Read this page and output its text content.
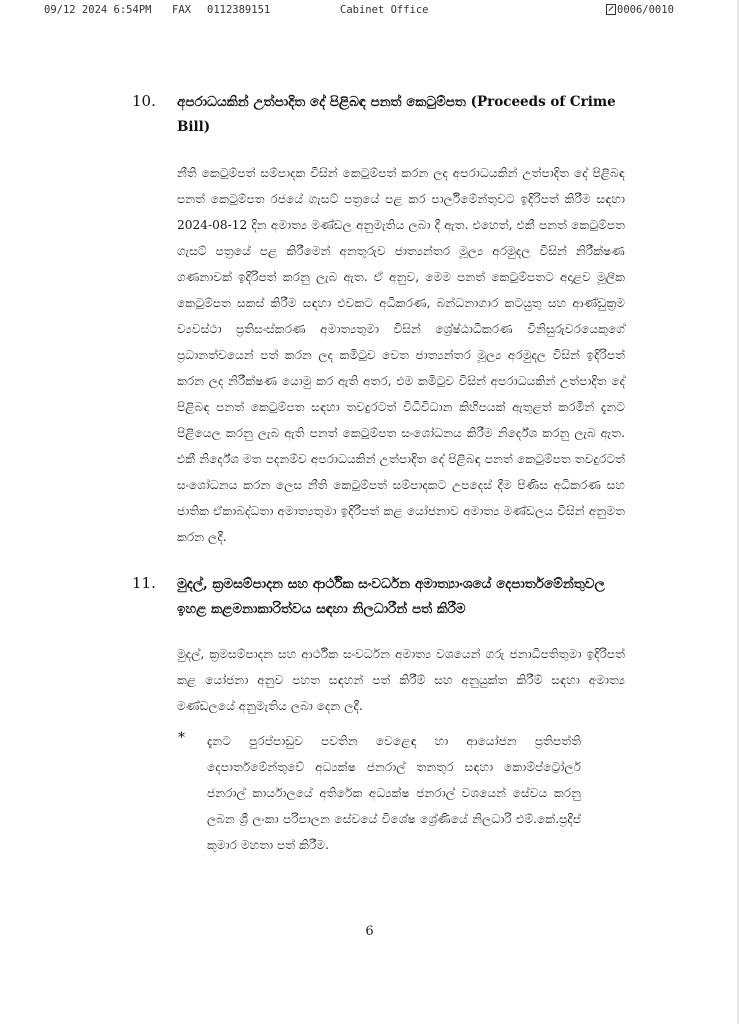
09/12 2024 6:54PM FAX 0112389151	Cabinet Office	0006/0010
10. අපරාධයකින් උත්පාදිත දේ පිළිබඳ පනත් කෙටුම්පත (Proceeds of Crime Bill)

නීති කෙටුම්පත් සම්පාදක විසින් කෙටුම්පත් කරන ලද අපරාධයකින් උත්පාදිත දේ පිළිබඳ පනත් කෙටුම්පත රජයේ ගැසට් පත්‍රයේ පළ කර පාර්ලිමේන්තුවට ඉදිරිපත් කිරීම සඳහා 2024-08-12 දින අමාත්‍ය මණ්ඩල අනුමැතිය ලබා දී ඇත. එහෙත්, එකී පනත් කෙටුම්පත ගැසට් පත්‍රයේ පළ කිරීමෙන් අනතුරුව ජාත්‍යන්තර මූල්‍ය අරමුදල විසින් නිරීක්ෂණ ගණනාවක් ඉදිරිපත් කරනු ලැබ ඇත. ඒ අනුව, මෙම පනත් කෙටුම්පතට අදාළව මූලික කෙටුම්පත සකස් කිරීම සඳහා එවකට අධිකරණ, බන්ධනාගාර කටයුතු සහ ආණ්ඩුක්‍රම ව්‍යවස්ථා ප්‍රතිසංස්කරණ අමාත්‍යතුමා විසින් ශ්‍රේෂ්ඨාධිකරණ විනිසුරුවරයෙකුගේ ප්‍රධානත්වයෙන් පත් කරන ලද කමිටුව වෙත ජාත්‍යන්තර මූල්‍ය අරමුදල විසින් ඉදිරිපත් කරන ලද නිරීක්ෂණ යොමු කර ඇති අතර, එම කමිටුව විසින් අපරාධයකින් උත්පාදිත දේ පිළිබඳ පනත් කෙටුම්පත සඳහා තවදුරටත් විධිවිධාන කිහිපයක් ඇතුළත් කරමින් දැනට පිළියෙල කරනු ලැබ ඇති පනත් කෙටුම්පත සංශෝධනය කිරීම නිර්දේශ කරනු ලැබ ඇත. එකී නිර්දේශ මත පදනම්ව අපරාධයකින් උත්පාදිත දේ පිළිබඳ පනත් කෙටුම්පත තවදුරටත් සංශෝධනය කරන ලෙස නීති කෙටුම්පත් සම්පාදකට උපදෙස් දීම පිණිස අධිකරණ සහ ජාතික ඒකාබද්ධතා අමාත්‍යතුමා ඉදිරිපත් කළ යෝජනාව අමාත්‍ය මණ්ඩලය විසින් අනුමත කරන ලදී.

11. මුදල්, ක්‍රමසම්පාදන සහ ආර්ථික සංවර්ධන අමාත්‍යාංශයේ දෙපාර්තමේන්තුවල ඉහළ කළමනාකාරිත්වය සඳහා නිලධාරීන් පත් කිරීම

මුදල්, ක්‍රමසම්පාදන සහ ආර්ථික සංවර්ධන අමාත්‍ය වශයෙන් ගරු ජනාධිපතිතුමා ඉදිරිපත් කළ යෝජනා අනුව පහත සඳහන් පත් කිරීම් සහ අනුයුක්ත කිරීම් සඳහා අමාත්‍ය මණ්ඩලයේ අනුමැතිය ලබා දෙන ලදී.

* දැනට පුරප්පාඩුව පවතින වෙළෙඳ හා ආයෝජන ප්‍රතිපත්ති දෙපාර්තමේන්තුවේ අධ්‍යක්ෂ ජනරාල් තනතුර සඳහා කොම්ප්ට්‍රෝලර් ජනරාල් කාර්යාලයේ අතිරේක අධ්‍යක්ෂ ජනරාල් වශයෙන් සේවය කරනු ලබන ශ්‍රී ලංකා පරිපාලන සේවයේ විශේෂ ශ්‍රේණියේ නිලධාරි එම්.කේ.ප්‍රදීප් කුමාර මහතා පත් කිරීම.

6
